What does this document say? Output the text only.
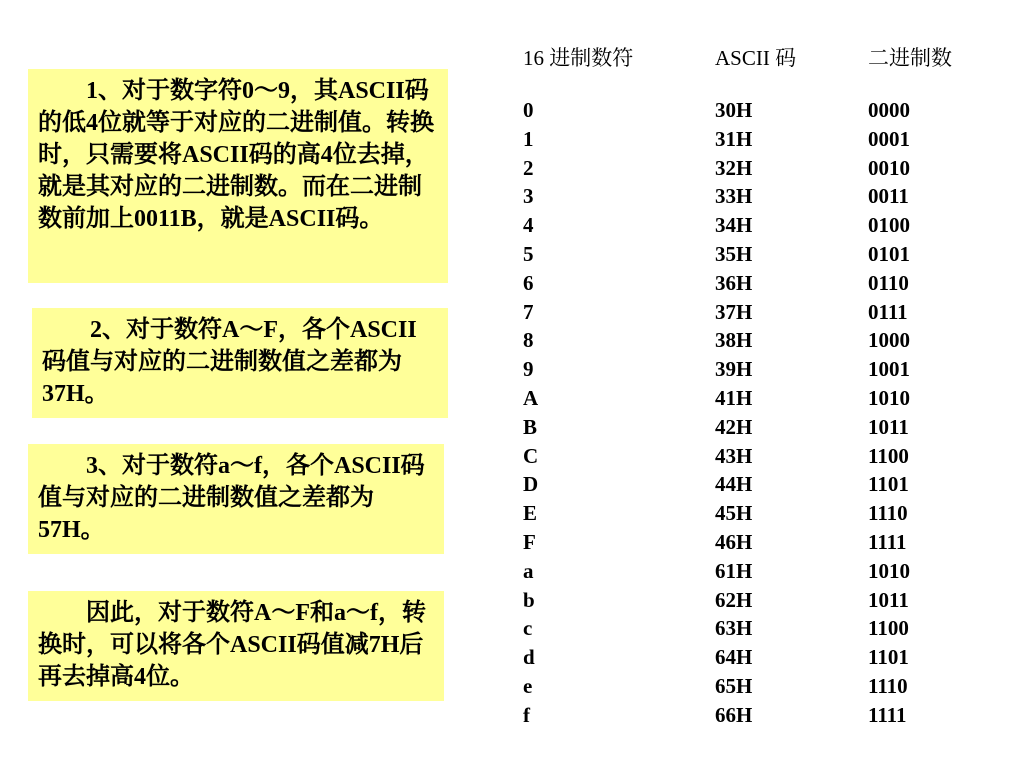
1、对于数字符0～9，其ASCII码的低4位就等于对应的二进制值。转换时，只需要将ASCII码的高4位去掉，就是其对应的二进制数。而在二进制数前加上0011B，就是ASCII码。

2、对于数符A～F，各个ASCII码值与对应的二进制数值之差都为37H。

3、对于数符a～f，各个ASCII码值与对应的二进制数值之差都为57H。

因此，对于数符A～F和a～f，转换时，可以将各个ASCII码值减7H后再去掉高4位。

16 进制数符	ASCII 码	二进制数
0	30H	0000
1	31H	0001
2	32H	0010
3	33H	0011
4	34H	0100
5	35H	0101
6	36H	0110
7	37H	0111
8	38H	1000
9	39H	1001
A	41H	1010
B	42H	1011
C	43H	1100
D	44H	1101
E	45H	1110
F	46H	1111
a	61H	1010
b	62H	1011
c	63H	1100
d	64H	1101
e	65H	1110
f	66H	1111
